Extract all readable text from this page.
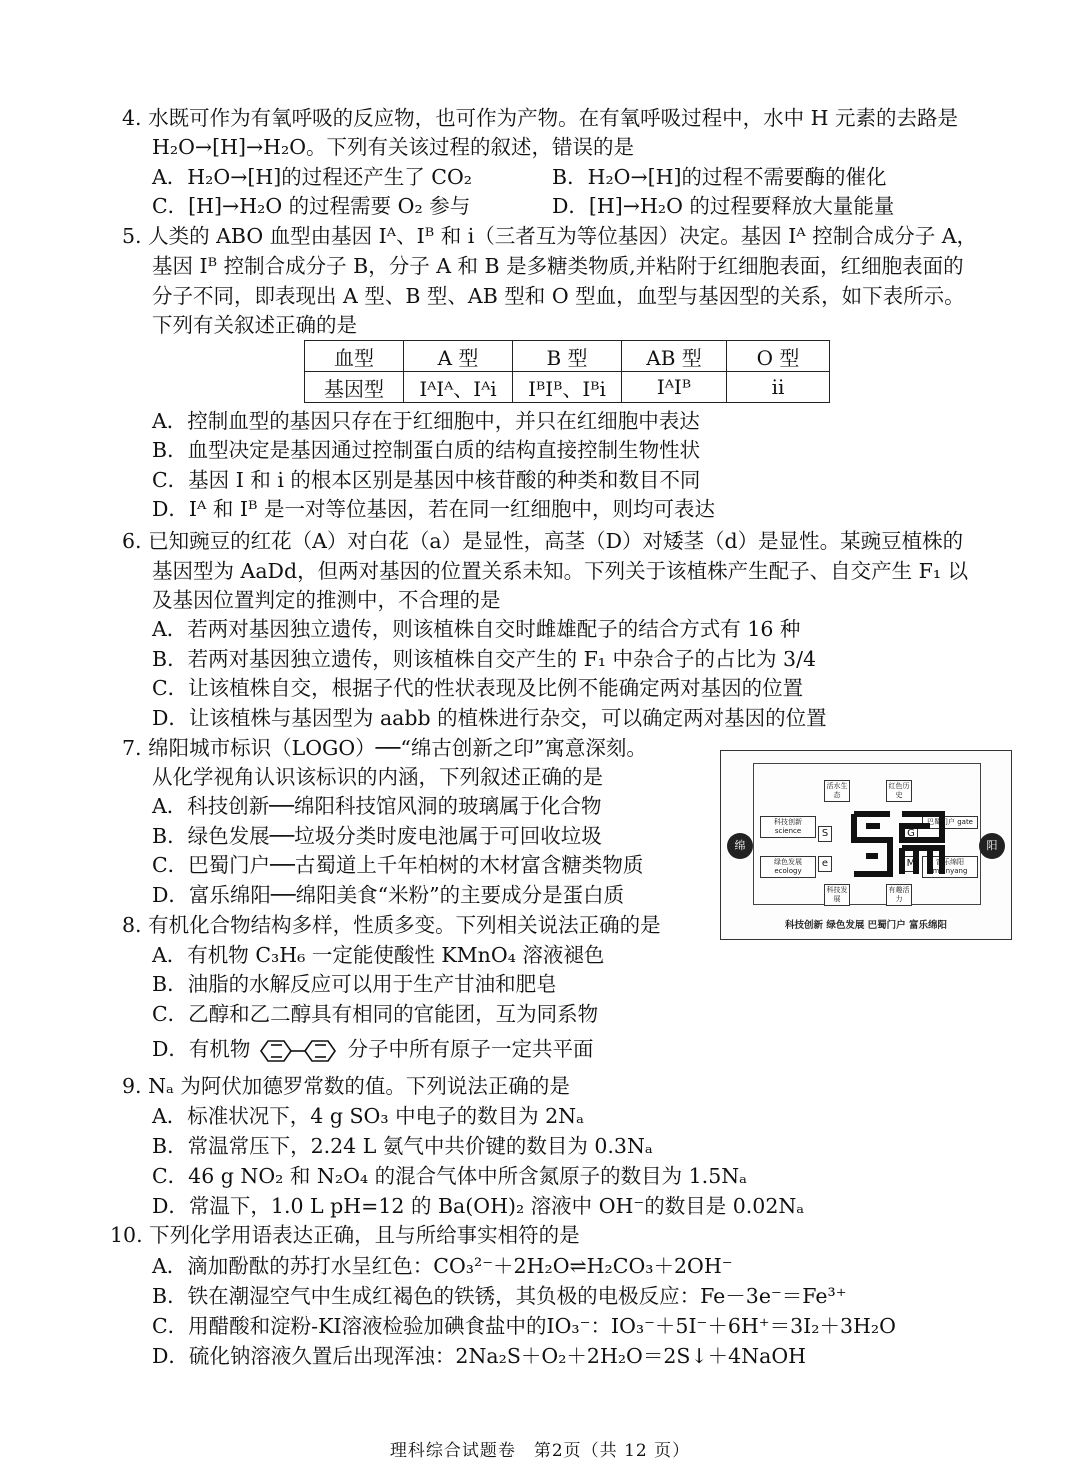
4. 水既可作为有氧呼吸的反应物，也可作为产物。在有氧呼吸过程中，水中 H 元素的去路是
H₂O→[H]→H₂O。下列有关该过程的叙述，错误的是
A．H₂O→[H]的过程还产生了 CO₂	B．H₂O→[H]的过程不需要酶的催化
C．[H]→H₂O 的过程需要 O₂ 参与	D．[H]→H₂O 的过程要释放大量能量
5. 人类的 ABO 血型由基因 Iᴬ、Iᴮ 和 i（三者互为等位基因）决定。基因 Iᴬ 控制合成分子 A，
基因 Iᴮ 控制合成分子 B，分子 A 和 B 是多糖类物质,并粘附于红细胞表面，红细胞表面的
分子不同，即表现出 A 型、B 型、AB 型和 O 型血，血型与基因型的关系，如下表所示。
下列有关叙述正确的是
血型	A 型	B 型	AB 型	O 型
基因型	IᴬIᴬ、Iᴬi	IᴮIᴮ、Iᴮi	IᴬIᴮ	ii
A．控制血型的基因只存在于红细胞中，并只在红细胞中表达
B．血型决定是基因通过控制蛋白质的结构直接控制生物性状
C．基因 I 和 i 的根本区别是基因中核苷酸的种类和数目不同
D．Iᴬ 和 Iᴮ 是一对等位基因，若在同一红细胞中，则均可表达
6. 已知豌豆的红花（A）对白花（a）是显性，高茎（D）对矮茎（d）是显性。某豌豆植株的
基因型为 AaDd，但两对基因的位置关系未知。下列关于该植株产生配子、自交产生 F₁ 以
及基因位置判定的推测中，不合理的是
A．若两对基因独立遗传，则该植株自交时雌雄配子的结合方式有 16 种
B．若两对基因独立遗传，则该植株自交产生的 F₁ 中杂合子的占比为 3/4
C．让该植株自交，根据子代的性状表现及比例不能确定两对基因的位置
D．让该植株与基因型为 aabb 的植株进行杂交，可以确定两对基因的位置
7. 绵阳城市标识（LOGO）──“绵古创新之印”寓意深刻。
从化学视角认识该标识的内涵，下列叙述正确的是
A．科技创新──绵阳科技馆风洞的玻璃属于化合物
B．绿色发展──垃圾分类时废电池属于可回收垃圾
C．巴蜀门户──古蜀道上千年柏树的木材富含糖类物质
D．富乐绵阳──绵阳美食“米粉”的主要成分是蛋白质
活水生态
红色历史
科技创新 science
绿色发展 ecology
巴蜀门户 gate
富乐绵阳 mianyang
科技发展
有趣活力
S
e
G
M
绵	阳
科技创新 绿色发展 巴蜀门户 富乐绵阳
8. 有机化合物结构多样，性质多变。下列相关说法正确的是
A．有机物 C₃H₆ 一定能使酸性 KMnO₄ 溶液褪色
B．油脂的水解反应可以用于生产甘油和肥皂
C．乙醇和乙二醇具有相同的官能团，互为同系物
D．有机物	分子中所有原子一定共平面
9. Nₐ 为阿伏加德罗常数的值。下列说法正确的是
A．标准状况下，4 g SO₃ 中电子的数目为 2Nₐ
B．常温常压下，2.24 L 氨气中共价键的数目为 0.3Nₐ
C．46 g NO₂ 和 N₂O₄ 的混合气体中所含氮原子的数目为 1.5Nₐ
D．常温下，1.0 L pH=12 的 Ba(OH)₂ 溶液中 OH⁻的数目是 0.02Nₐ
10. 下列化学用语表达正确，且与所给事实相符的是
A．滴加酚酞的苏打水呈红色：CO₃²⁻＋2H₂O⇌H₂CO₃＋2OH⁻
B．铁在潮湿空气中生成红褐色的铁锈，其负极的电极反应：Fe－3e⁻＝Fe³⁺
C．用醋酸和淀粉-KI溶液检验加碘食盐中的IO₃⁻：IO₃⁻＋5I⁻＋6H⁺＝3I₂＋3H₂O
D．硫化钠溶液久置后出现浑浊：2Na₂S＋O₂＋2H₂O＝2S↓＋4NaOH
理科综合试题卷　第2页（共 12 页）
